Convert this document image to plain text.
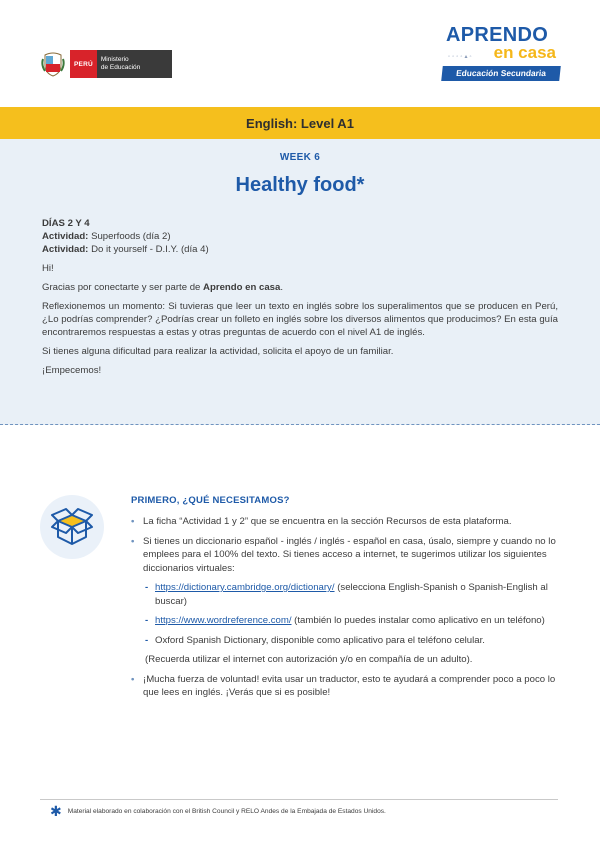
PERÚ
Ministerio
de Educación
APRENDO
◦◦◦◦▴◦ en casa
Educación Secundaria
English: Level A1
WEEK 6
Healthy food*

DÍAS 2 Y 4

Actividad: Superfoods (día 2)

Actividad: Do it yourself - D.I.Y. (día 4)

Hi!

Gracias por conectarte y ser parte de Aprendo en casa.

Reflexionemos un momento: Si tuvieras que leer un texto en inglés sobre los superalimentos que se producen en Perú, ¿Lo podrías comprender? ¿Podrías crear un folleto en inglés sobre los diversos alimentos que producimos? En esta guía encontraremos respuestas a estas y otras preguntas de acuerdo con el nivel A1 de inglés.

Si tienes alguna dificultad para realizar la actividad, solicita el apoyo de un familiar.

¡Empecemos!

PRIMERO, ¿QUÉ NECESITAMOS?
• La ficha “Actividad 1 y 2” que se encuentra en la sección Recursos de esta plataforma.
• Si tienes un diccionario español - inglés / inglés - español en casa, úsalo, siempre y cuando no lo emplees para el 100% del texto. Si tienes acceso a internet, te sugerimos utilizar los siguientes diccionarios virtuales:
- https://dictionary.cambridge.org/dictionary/ (selecciona English-Spanish o Spanish-English al buscar)
- https://www.wordreference.com/ (también lo puedes instalar como aplicativo en un teléfono)
- Oxford Spanish Dictionary, disponible como aplicativo para el teléfono celular.
(Recuerda utilizar el internet con autorización y/o en compañía de un adulto).
• ¡Mucha fuerza de voluntad! evita usar un traductor, esto te ayudará a comprender poco a poco lo que lees en inglés. ¡Verás que si es posible!
✱ Material elaborado en colaboración con el British Council y RELO Andes de la Embajada de Estados Unidos.
